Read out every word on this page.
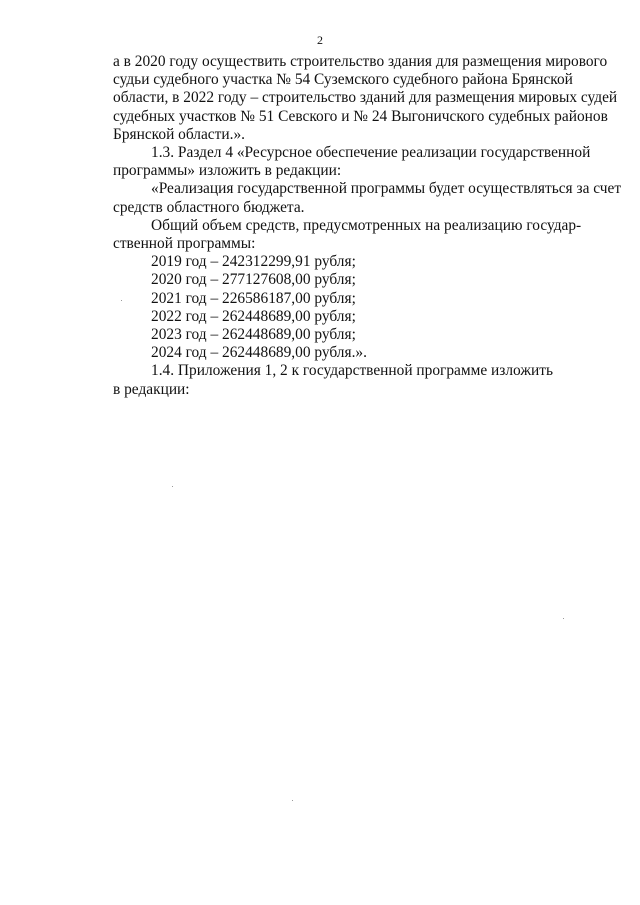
2

а в 2020 году осуществить строительство здания для размещения мирового
судьи судебного участка № 54 Суземского судебного района Брянской
области, в 2022 году – строительство зданий для размещения мировых судей
судебных участков № 51 Севского и № 24 Выгоничского судебных районов
Брянской области.».

1.3. Раздел 4 «Ресурсное обеспечение реализации государственной
программы» изложить в редакции:

«Реализация государственной программы будет осуществляться за счет
средств областного бюджета.

Общий объем средств, предусмотренных на реализацию государ-
ственной программы:

2019 год – 242312299,91 рубля;
2020 год – 277127608,00 рубля;
2021 год – 226586187,00 рубля;
2022 год – 262448689,00 рубля;
2023 год – 262448689,00 рубля;
2024 год – 262448689,00 рубля.».

1.4. Приложения 1, 2 к государственной программе изложить
в редакции:
